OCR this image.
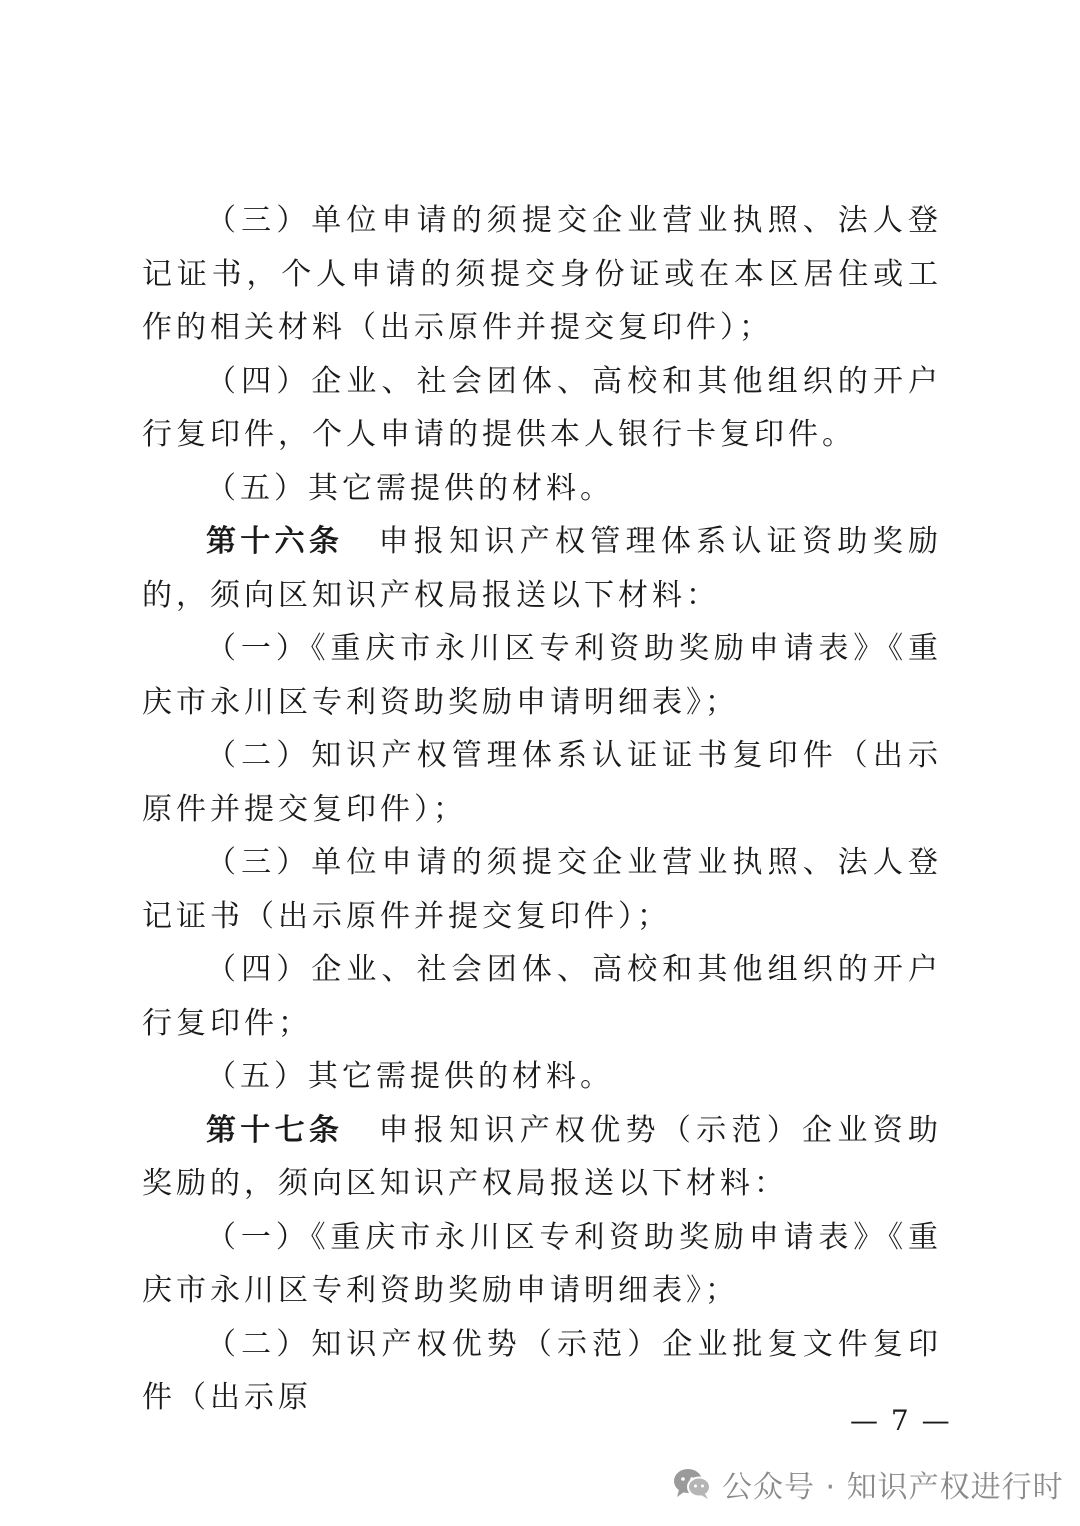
（三）单位申请的须提交企业营业执照、法人登记证书，个人申请的须提交身份证或在本区居住或工作的相关材料（出示原件并提交复印件）；

（四）企业、社会团体、高校和其他组织的开户行复印件，个人申请的提供本人银行卡复印件。

（五）其它需提供的材料。

第十六条　申报知识产权管理体系认证资助奖励的，须向区知识产权局报送以下材料：

（一）《重庆市永川区专利资助奖励申请表》《重庆市永川区专利资助奖励申请明细表》；

（二）知识产权管理体系认证证书复印件（出示原件并提交复印件）；

（三）单位申请的须提交企业营业执照、法人登记证书（出示原件并提交复印件）；

（四）企业、社会团体、高校和其他组织的开户行复印件；

（五）其它需提供的材料。

第十七条　申报知识产权优势（示范）企业资助奖励的，须向区知识产权局报送以下材料：

（一）《重庆市永川区专利资助奖励申请表》《重庆市永川区专利资助奖励申请明细表》；

（二）知识产权优势（示范）企业批复文件复印件（出示原

— 7 —
公众号 · 知识产权进行时
